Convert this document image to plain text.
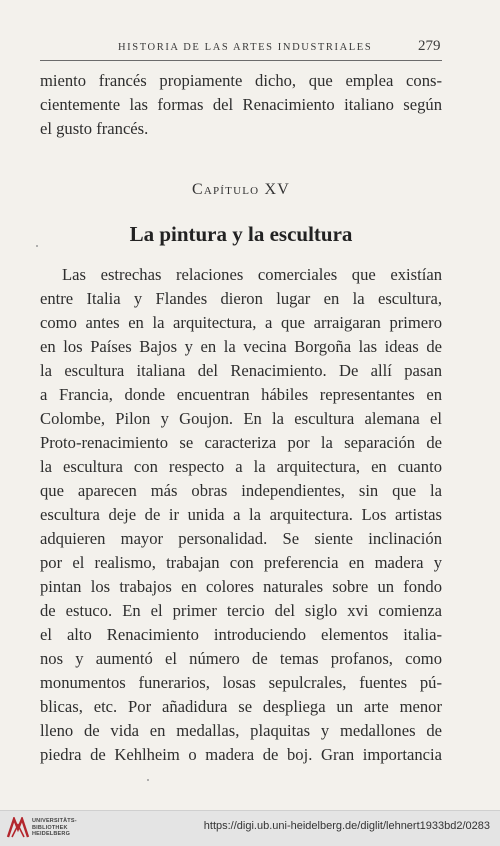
HISTORIA DE LAS ARTES INDUSTRIALES	279
miento francés propiamente dicho, que emplea cons-
cientemente las formas del Renacimiento italiano según
el gusto francés.
Capítulo XV
La pintura y la escultura
Las estrechas relaciones comerciales que existían
entre Italia y Flandes dieron lugar en la escultura,
como antes en la arquitectura, a que arraigaran primero
en los Países Bajos y en la vecina Borgoña las ideas de
la escultura italiana del Renacimiento. De allí pasan
a Francia, donde encuentran hábiles representantes en
Colombe, Pilon y Goujon. En la escultura alemana el
Proto-renacimiento se caracteriza por la separación de
la escultura con respecto a la arquitectura, en cuanto
que aparecen más obras independientes, sin que la
escultura deje de ir unida a la arquitectura. Los artistas
adquieren mayor personalidad. Se siente inclinación
por el realismo, trabajan con preferencia en madera y
pintan los trabajos en colores naturales sobre un fondo
de estuco. En el primer tercio del siglo xvi comienza
el alto Renacimiento introduciendo elementos italia-
nos y aumentó el número de temas profanos, como
monumentos funerarios, losas sepulcrales, fuentes pú-
blicas, etc. Por añadidura se despliega un arte menor
lleno de vida en medallas, plaquitas y medallones de
piedra de Kehlheim o madera de boj. Gran importancia
UNIVERSITÄTS-
BIBLIOTHEK
HEIDELBERG
https://digi.ub.uni-heidelberg.de/diglit/lehnert1933bd2/0283
